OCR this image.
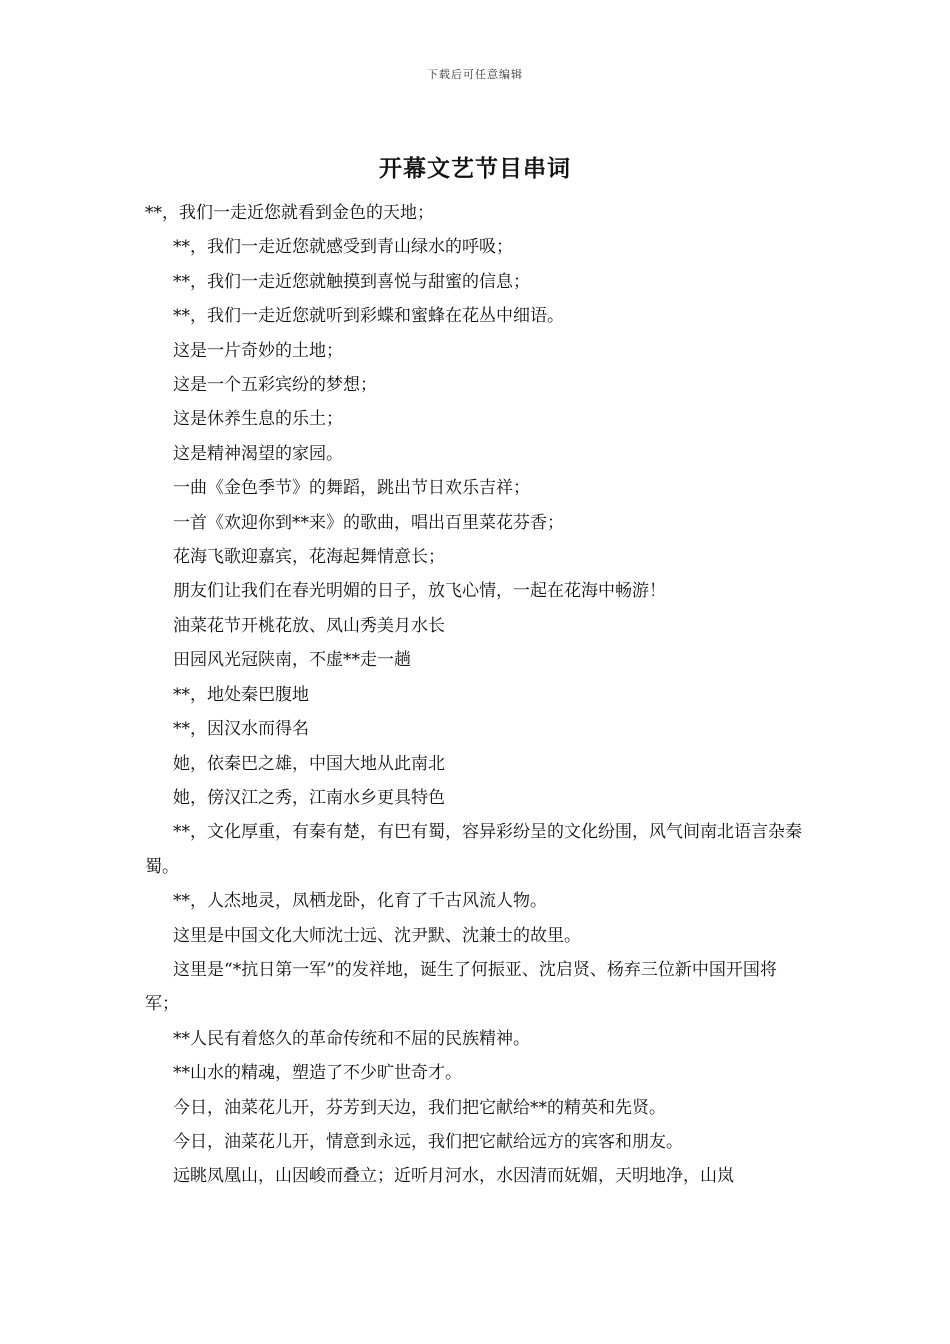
下载后可任意编辑
开幕文艺节目串词

**，我们一走近您就看到金色的天地；

**，我们一走近您就感受到青山绿水的呼吸；

**，我们一走近您就触摸到喜悦与甜蜜的信息；

**，我们一走近您就听到彩蝶和蜜蜂在花丛中细语。

这是一片奇妙的土地；

这是一个五彩宾纷的梦想；

这是休养生息的乐土；

这是精神渴望的家园。

一曲《金色季节》的舞蹈，跳出节日欢乐吉祥；

一首《欢迎你到**来》的歌曲，唱出百里菜花芬香；

花海飞歌迎嘉宾，花海起舞情意长；

朋友们让我们在春光明媚的日子，放飞心情，一起在花海中畅游！

油菜花节开桃花放、凤山秀美月水长

田园风光冠陕南，不虚**走一趟

**，地处秦巴腹地

**，因汉水而得名

她，依秦巴之雄，中国大地从此南北

她，傍汉江之秀，江南水乡更具特色

**，文化厚重，有秦有楚，有巴有蜀，容异彩纷呈的文化纷围，风气间南北语言杂秦蜀。

**，人杰地灵，凤栖龙卧，化育了千古风流人物。

这里是中国文化大师沈士远、沈尹默、沈兼士的故里。

这里是“*抗日第一军”的发祥地，诞生了何振亚、沈启贤、杨弃三位新中国开国将军；

**人民有着悠久的革命传统和不屈的民族精神。

**山水的精魂，塑造了不少旷世奇才。

今日，油菜花儿开，芬芳到天边，我们把它献给**的精英和先贤。

今日，油菜花儿开，情意到永远，我们把它献给远方的宾客和朋友。

远眺凤凰山，山因峻而叠立；近听月河水，水因清而妩媚，天明地净，山岚
